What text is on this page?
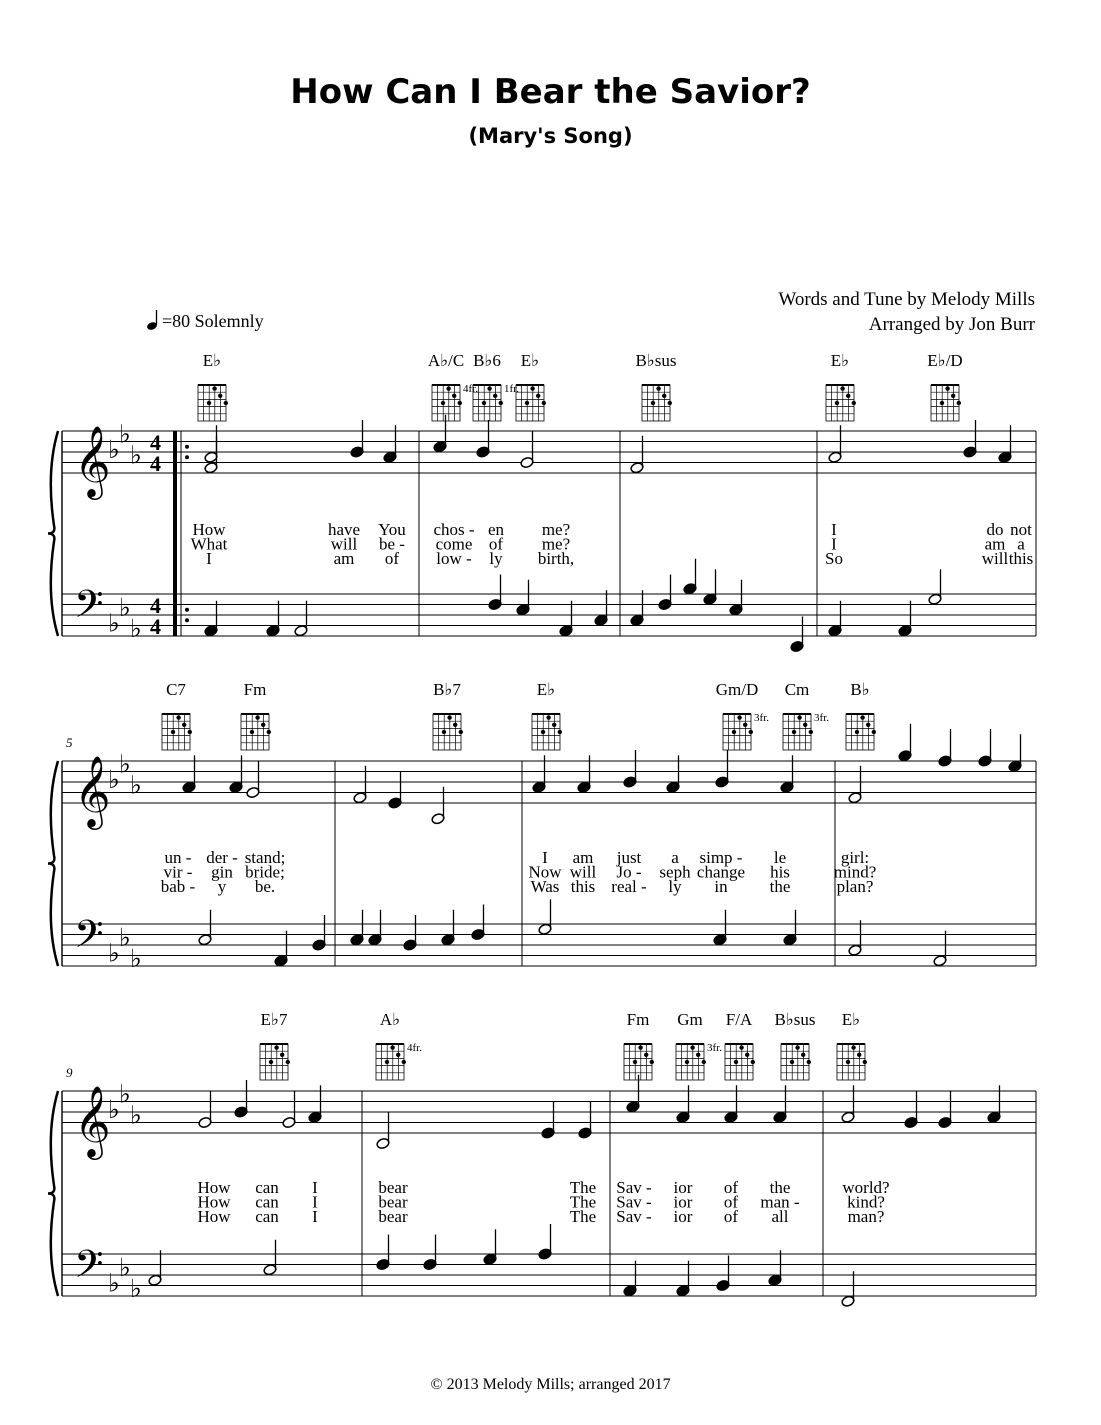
How Can I Bear the Savior?
(Mary's Song)
Words and Tune by Melody Mills
Arranged by Jon Burr
=80 Solemnly
© 2013 Melody Mills; arranged 2017
𝄞
𝄢
♭
♭
♭
♭
♭
♭
4
4
4
4
E♭	A♭/C
4fr.
B♭6
1fr.
E♭	B♭sus	E♭	E♭/D
How	have You chos - en me?	I	do not
What	will be - come of me?	I	am a
I	am of low - ly birth,	So	will this
𝄞
𝄢
♭
♭
♭
♭
♭
♭
5
C7	Fm	B♭7	E♭	Gm/D
3fr.
Cm
3fr.
B♭
un - der - stand;	I am just a simp - le	girl:
vir - gin bride;	Now will Jo - seph change his	mind?
bab - y be.	Was this real - ly in the	plan?
𝄞
𝄢
♭
♭
♭
♭
♭
♭
9
E♭7	A♭
4fr.
Fm Gm
3fr.
F/A B♭sus E♭
How can I	bear	The Sav - ior of the	world?
How can I	bear	The Sav - ior of man -	kind?
How can I	bear	The Sav - ior of all	man?
